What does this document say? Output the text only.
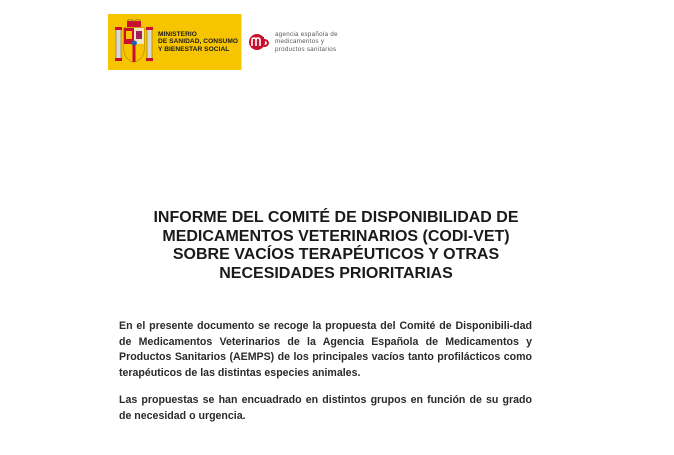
MINISTERIO
DE SANIDAD, CONSUMO
Y BIENESTAR SOCIAL
agencia española de
medicamentos y
productos sanitarios
INFORME DEL COMITÉ DE DISPONIBILIDAD DE
MEDICAMENTOS VETERINARIOS (CODI-VET)
SOBRE VACÍOS TERAPÉUTICOS Y OTRAS
NECESIDADES PRIORITARIAS

En el presente documento se recoge la propuesta del Comité de Disponibili-dad de Medicamentos Veterinarios de la Agencia Española de Medicamentos y Productos Sanitarios (AEMPS) de los principales vacíos tanto profilácticos como terapéuticos de las distintas especies animales.

Las propuestas se han encuadrado en distintos grupos en función de su grado de necesidad o urgencia.
